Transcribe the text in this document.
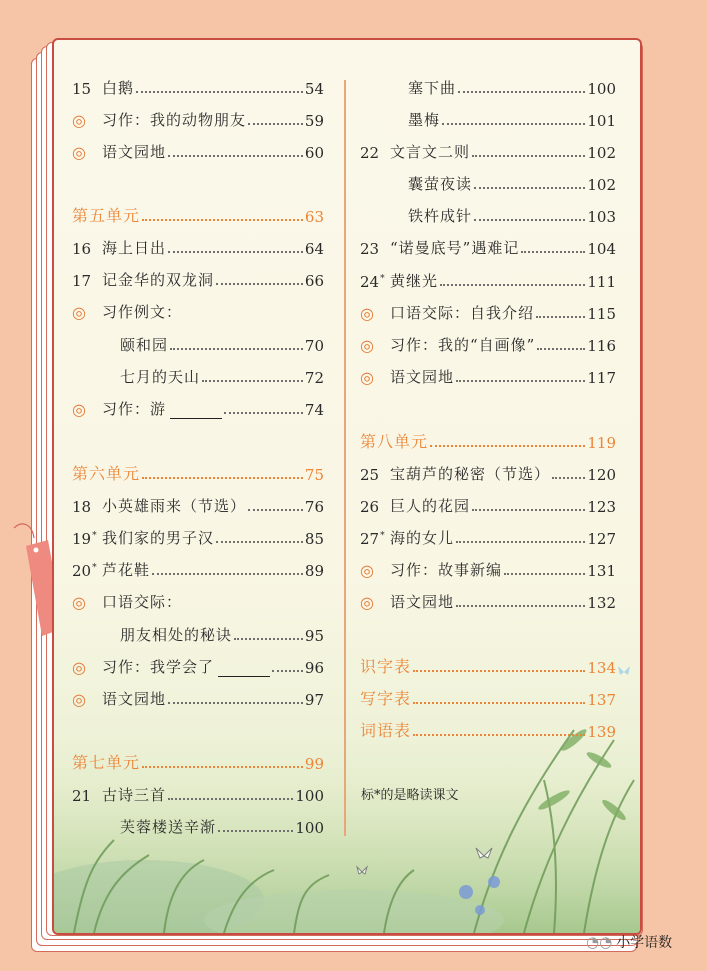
15 白鹅	54
◎	习作：我的动物朋友	59
◎	语文园地	60
第五单元	63
16 海上日出	64
17 记金华的双龙洞	66
◎	习作例文：
颐和园	70
七月的天山	72
◎	习作：游	74
第六单元	75
18 小英雄雨来（节选）	76
19* 我们家的男子汉	85
20* 芦花鞋	89
◎	口语交际：
朋友相处的秘诀	95
◎	习作：我学会了	96
◎	语文园地	97
第七单元	99
21 古诗三首	100
芙蓉楼送辛渐	100
塞下曲	100
墨梅	101
22 文言文二则	102
囊萤夜读	102
铁杵成针	103
23 “诺曼底号”遇难记	104
24* 黄继光	111
◎	口语交际：自我介绍	115
◎	习作：我的“自画像”	116
◎	语文园地	117
第八单元	119
25 宝葫芦的秘密（节选） 120
26 巨人的花园	123
27* 海的女儿	127
◎	习作：故事新编	131
◎	语文园地	132
识字表	134
写字表	137
词语表	139
标*的是略读课文
◔◔ 小学语数
